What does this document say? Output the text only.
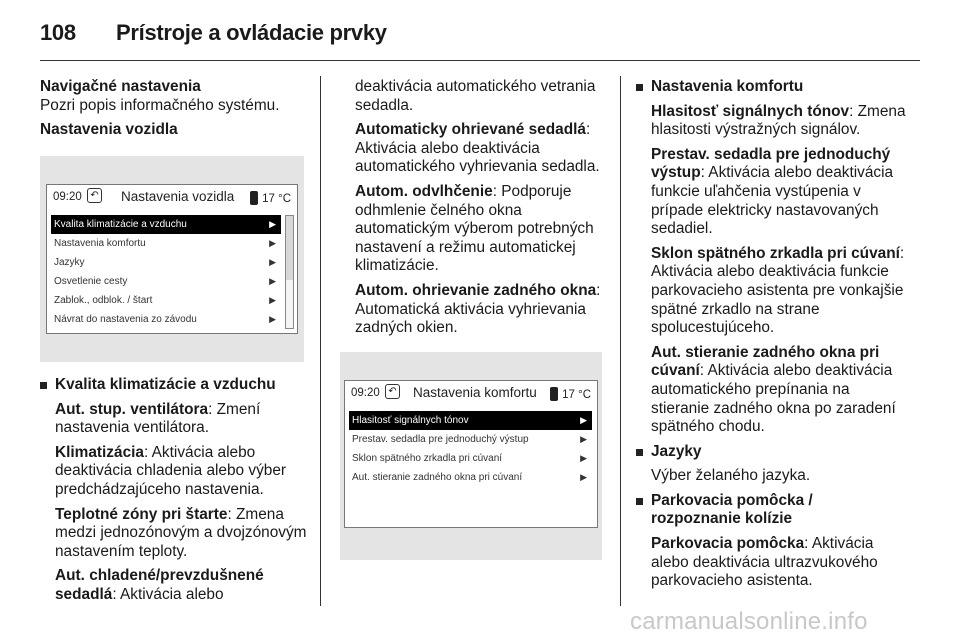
108 Prístroje a ovládacie prvky

Navigačné nastavenia

Pozri popis informačného systému.

Nastavenia vozidla

09:20 ↶ Nastavenia vozidla	17 °C
Kvalita klimatizácie a vzduchu	▶
Nastavenia komfortu	▶
Jazyky	▶
Osvetlenie cesty	▶
Zablok., odblok. / štart	▶
Návrat do nastavenia zo závodu	▶
Kvalita klimatizácie a vzduchu

Aut. stup. ventilátora: Zmení nastavenia ventilátora.

Klimatizácia: Aktivácia alebo deaktivácia chladenia alebo výber predchádzajúceho nastavenia.

Teplotné zóny pri štarte: Zmena medzi jednozónovým a dvojzónovým nastavením teploty.

Aut. chladené/prevzdušnené sedadlá: Aktivácia alebo

deaktivácia automatického vetrania sedadla.

Automaticky ohrievané sedadlá: Aktivácia alebo deaktivácia automatického vyhrievania sedadla.

Autom. odvlhčenie: Podporuje odhmlenie čelného okna automatickým výberom potrebných nastavení a režimu automatickej klimatizácie.

Autom. ohrievanie zadného okna: Automatická aktivácia vyhrievania zadných okien.

09:20 ↶ Nastavenia komfortu	17 °C
Hlasitosť signálnych tónov	▶
Prestav. sedadla pre jednoduchý výstup	▶
Sklon spätného zrkadla pri cúvaní	▶
Aut. stieranie zadného okna pri cúvaní	▶
Nastavenia komfortu

Hlasitosť signálnych tónov: Zmena hlasitosti výstražných signálov.

Prestav. sedadla pre jednoduchý výstup: Aktivácia alebo deaktivácia funkcie uľahčenia vystúpenia v prípade elektricky nastavovaných sedadiel.

Sklon spätného zrkadla pri cúvaní: Aktivácia alebo deaktivácia funkcie parkovacieho asistenta pre vonkajšie spätné zrkadlo na strane spolucestujúceho.

Aut. stieranie zadného okna pri cúvaní: Aktivácia alebo deaktivácia automatického prepínania na stieranie zadného okna po zaradení spätného chodu.

Jazyky

Výber želaného jazyka.

Parkovacia pomôcka / rozpoznanie kolízie

Parkovacia pomôcka: Aktivácia alebo deaktivácia ultrazvukového parkovacieho asistenta.

carmanualsonline.info
